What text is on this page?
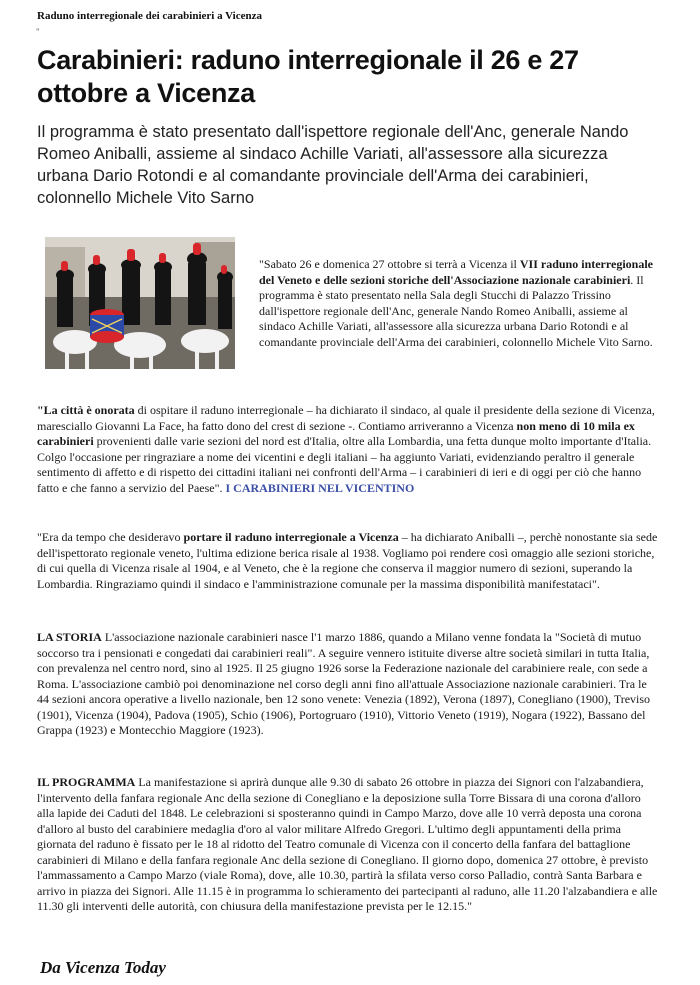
Raduno interregionale dei carabinieri a Vicenza
"
Carabinieri: raduno interregionale il 26 e 27 ottobre a Vicenza

Il programma è stato presentato dall'ispettore regionale dell'Anc, generale Nando Romeo Aniballi, assieme al sindaco Achille Variati, all'assessore alla sicurezza urbana Dario Rotondi e al comandante provinciale dell'Arma dei carabinieri, colonnello Michele Vito Sarno

"Sabato 26 e domenica 27 ottobre si terrà a Vicenza il VII raduno interregionale del Veneto e delle sezioni storiche dell'Associazione nazionale carabinieri. Il programma è stato presentato nella Sala degli Stucchi di Palazzo Trissino dall'ispettore regionale dell'Anc, generale Nando Romeo Aniballi, assieme al sindaco Achille Variati, all'assessore alla sicurezza urbana Dario Rotondi e al comandante provinciale dell'Arma dei carabinieri, colonnello Michele Vito Sarno.

"La città è onorata di ospitare il raduno interregionale – ha dichiarato il sindaco, al quale il presidente della sezione di Vicenza, maresciallo Giovanni La Face, ha fatto dono del crest di sezione -. Contiamo arriveranno a Vicenza non meno di 10 mila ex carabinieri provenienti dalle varie sezioni del nord est d'Italia, oltre alla Lombardia, una fetta dunque molto importante d'Italia. Colgo l'occasione per ringraziare a nome dei vicentini e degli italiani – ha aggiunto Variati, evidenziando peraltro il generale sentimento di affetto e di rispetto dei cittadini italiani nei confronti dell'Arma – i carabinieri di ieri e di oggi per ciò che hanno fatto e che fanno a servizio del Paese". I CARABINIERI NEL VICENTINO

"Era da tempo che desideravo portare il raduno interregionale a Vicenza – ha dichiarato Aniballi –, perchè nonostante sia sede dell'ispettorato regionale veneto, l'ultima edizione berica risale al 1938. Vogliamo poi rendere così omaggio alle sezioni storiche, di cui quella di Vicenza risale al 1904, e al Veneto, che è la regione che conserva il maggior numero di sezioni, superando la Lombardia. Ringraziamo quindi il sindaco e l'amministrazione comunale per la massima disponibilità manifestataci".

LA STORIA L'associazione nazionale carabinieri nasce l'1 marzo 1886, quando a Milano venne fondata la "Società di mutuo soccorso tra i pensionati e congedati dai carabinieri reali". A seguire vennero istituite diverse altre società similari in tutta Italia, con prevalenza nel centro nord, sino al 1925. Il 25 giugno 1926 sorse la Federazione nazionale del carabiniere reale, con sede a Roma. L'associazione cambiò poi denominazione nel corso degli anni fino all'attuale Associazione nazionale carabinieri. Tra le 44 sezioni ancora operative a livello nazionale, ben 12 sono venete: Venezia (1892), Verona (1897), Conegliano (1900), Treviso (1901), Vicenza (1904), Padova (1905), Schio (1906), Portogruaro (1910), Vittorio Veneto (1919), Nogara (1922), Bassano del Grappa (1923) e Montecchio Maggiore (1923).

IL PROGRAMMA La manifestazione si aprirà dunque alle 9.30 di sabato 26 ottobre in piazza dei Signori con l'alzabandiera, l'intervento della fanfara regionale Anc della sezione di Conegliano e la deposizione sulla Torre Bissara di una corona d'alloro alla lapide dei Caduti del 1848. Le celebrazioni si sposteranno quindi in Campo Marzo, dove alle 10 verrà deposta una corona d'alloro al busto del carabiniere medaglia d'oro al valor militare Alfredo Gregori. L'ultimo degli appuntamenti della prima giornata del raduno è fissato per le 18 al ridotto del Teatro comunale di Vicenza con il concerto della fanfara del battaglione carabinieri di Milano e della fanfara regionale Anc della sezione di Conegliano. Il giorno dopo, domenica 27 ottobre, è previsto l'ammassamento a Campo Marzo (viale Roma), dove, alle 10.30, partirà la sfilata verso corso Palladio, contrà Santa Barbara e arrivo in piazza dei Signori. Alle 11.15 è in programma lo schieramento dei partecipanti al raduno, alle 11.20 l'alzabandiera e alle 11.30 gli interventi delle autorità, con chiusura della manifestazione prevista per le 12.15."

Da Vicenza Today
